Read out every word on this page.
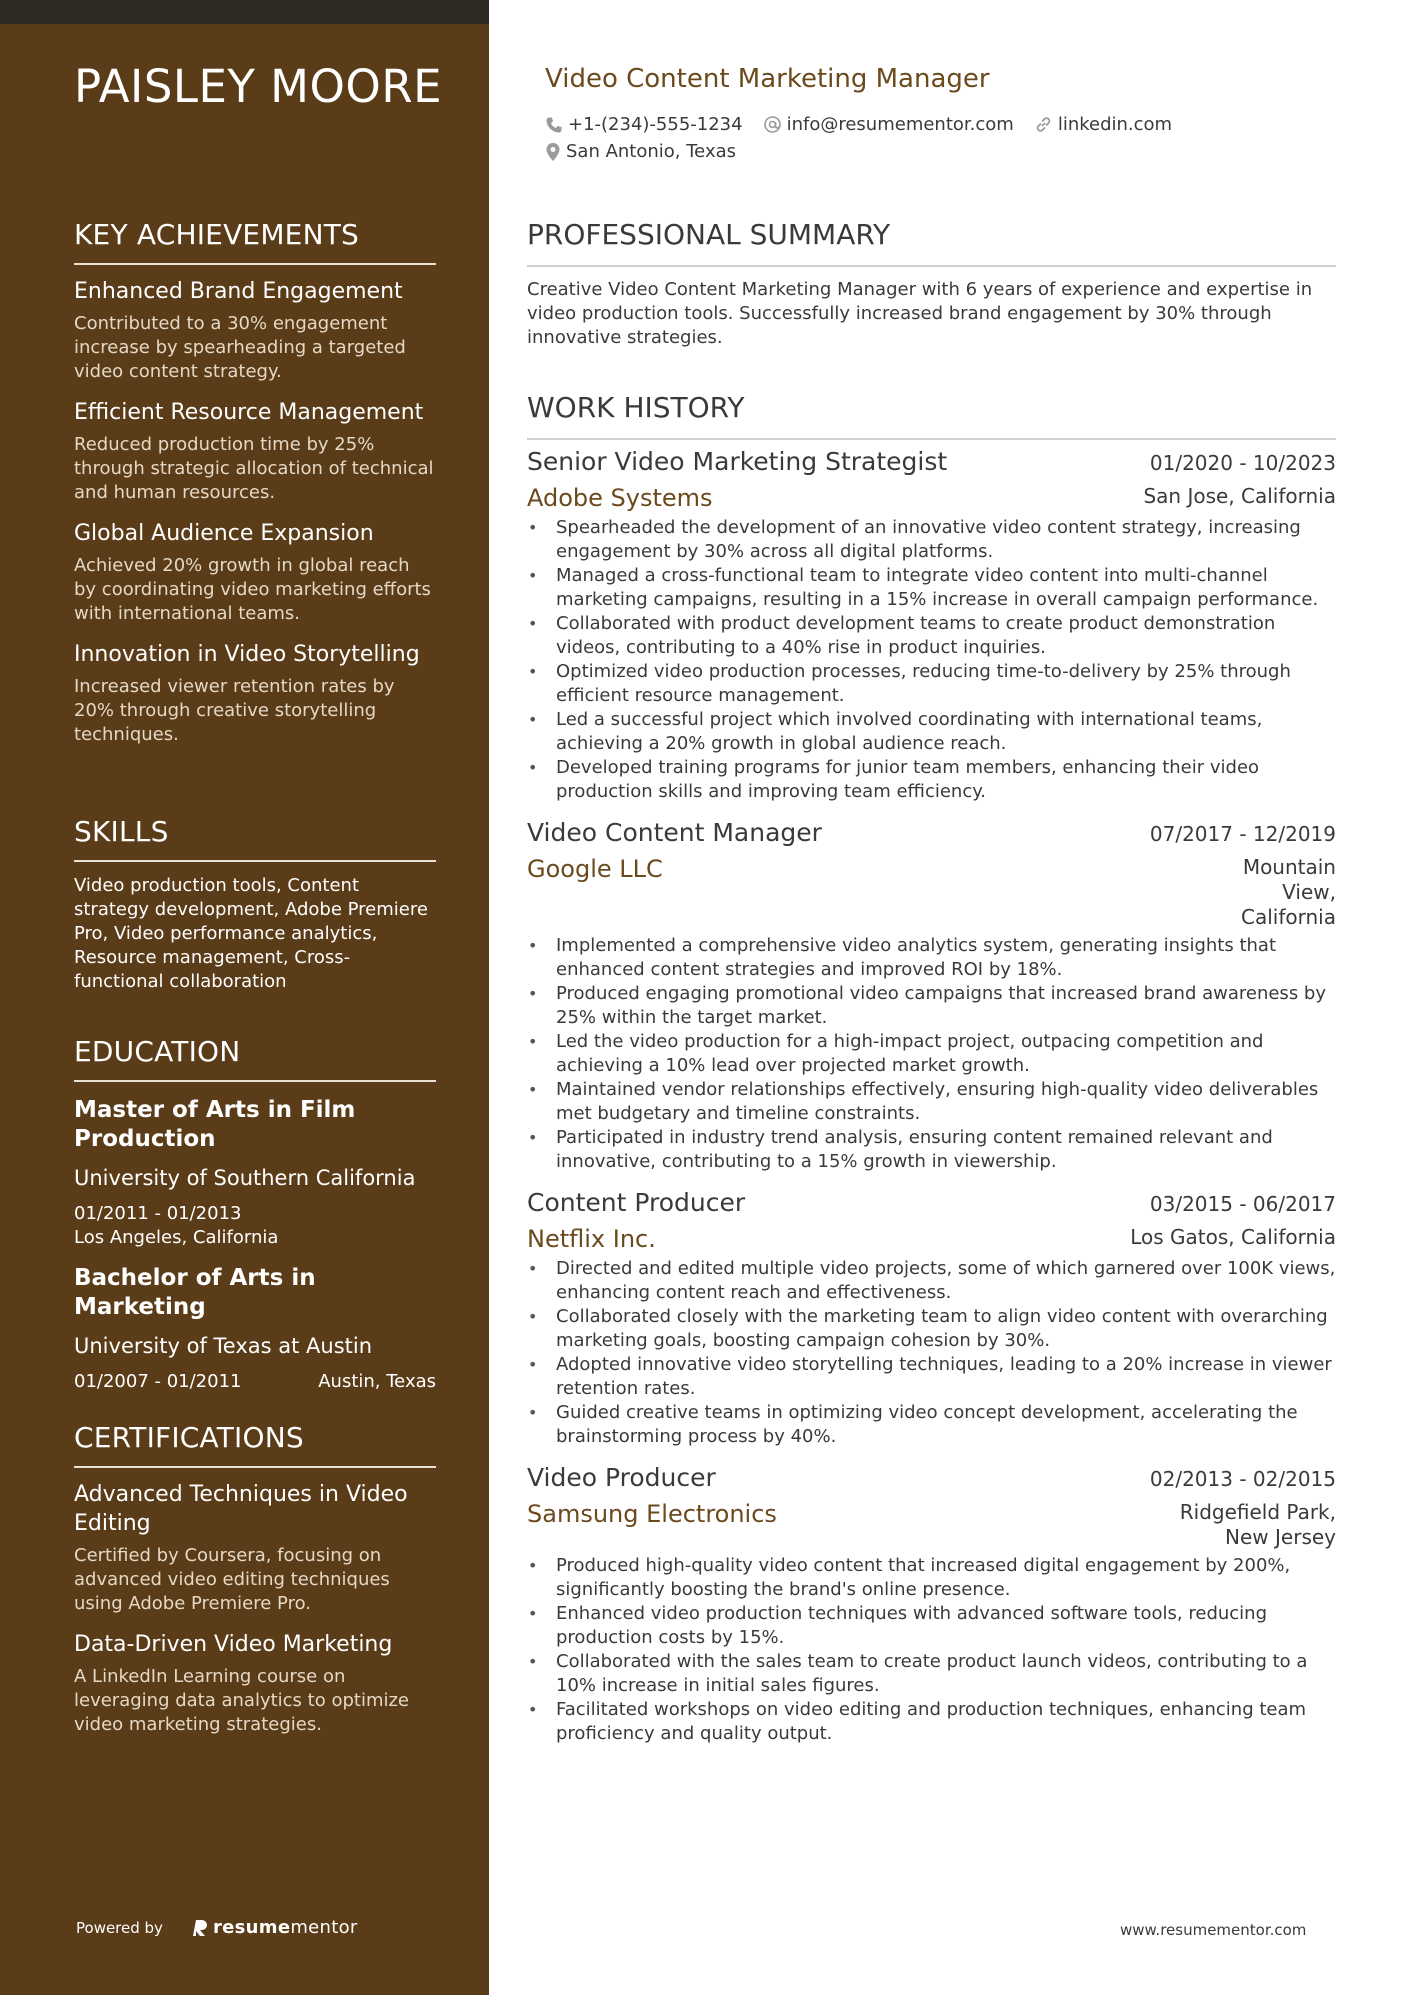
PAISLEY MOORE
KEY ACHIEVEMENTS
Enhanced Brand Engagement
Contributed to a 30% engagement increase by spearheading a targeted video content strategy.
Efficient Resource Management
Reduced production time by 25% through strategic allocation of technical and human resources.
Global Audience Expansion
Achieved 20% growth in global reach by coordinating video marketing efforts with international teams.
Innovation in Video Storytelling
Increased viewer retention rates by 20% through creative storytelling techniques.
SKILLS
Video production tools, Content strategy development, Adobe Premiere Pro, Video performance analytics, Resource management, Cross-functional collaboration
EDUCATION
Master of Arts in Film Production
University of Southern California
01/2011 - 01/2013
Los Angeles, California
Bachelor of Arts in Marketing
University of Texas at Austin
01/2007 - 01/2011	Austin, Texas
CERTIFICATIONS
Advanced Techniques in Video Editing
Certified by Coursera, focusing on advanced video editing techniques using Adobe Premiere Pro.
Data-Driven Video Marketing
A LinkedIn Learning course on leveraging data analytics to optimize video marketing strategies.
Powered by	resume mentor
Video Content Marketing Manager
+1-(234)-555-1234 info@resumementor.com linkedin.com
San Antonio, Texas
PROFESSIONAL SUMMARY
Creative Video Content Marketing Manager with 6 years of experience and expertise in video production tools. Successfully increased brand engagement by 30% through innovative strategies.
WORK HISTORY
Senior Video Marketing Strategist	01/2020 - 10/2023
Adobe Systems	San Jose, California
• Spearheaded the development of an innovative video content strategy, increasing engagement by 30% across all digital platforms.
• Managed a cross-functional team to integrate video content into multi-channel marketing campaigns, resulting in a 15% increase in overall campaign performance.
• Collaborated with product development teams to create product demonstration videos, contributing to a 40% rise in product inquiries.
• Optimized video production processes, reducing time-to-delivery by 25% through efficient resource management.
• Led a successful project which involved coordinating with international teams, achieving a 20% growth in global audience reach.
• Developed training programs for junior team members, enhancing their video production skills and improving team efficiency.
Video Content Manager	07/2017 - 12/2019
Google LLC	Mountain View, California
• Implemented a comprehensive video analytics system, generating insights that enhanced content strategies and improved ROI by 18%.
• Produced engaging promotional video campaigns that increased brand awareness by 25% within the target market.
• Led the video production for a high-impact project, outpacing competition and achieving a 10% lead over projected market growth.
• Maintained vendor relationships effectively, ensuring high-quality video deliverables met budgetary and timeline constraints.
• Participated in industry trend analysis, ensuring content remained relevant and innovative, contributing to a 15% growth in viewership.
Content Producer	03/2015 - 06/2017
Netflix Inc.	Los Gatos, California
• Directed and edited multiple video projects, some of which garnered over 100K views, enhancing content reach and effectiveness.
• Collaborated closely with the marketing team to align video content with overarching marketing goals, boosting campaign cohesion by 30%.
• Adopted innovative video storytelling techniques, leading to a 20% increase in viewer retention rates.
• Guided creative teams in optimizing video concept development, accelerating the brainstorming process by 40%.
Video Producer	02/2013 - 02/2015
Samsung Electronics	Ridgefield Park, New Jersey
• Produced high-quality video content that increased digital engagement by 200%, significantly boosting the brand's online presence.
• Enhanced video production techniques with advanced software tools, reducing production costs by 15%.
• Collaborated with the sales team to create product launch videos, contributing to a 10% increase in initial sales figures.
• Facilitated workshops on video editing and production techniques, enhancing team proficiency and quality output.
www.resumementor.com
